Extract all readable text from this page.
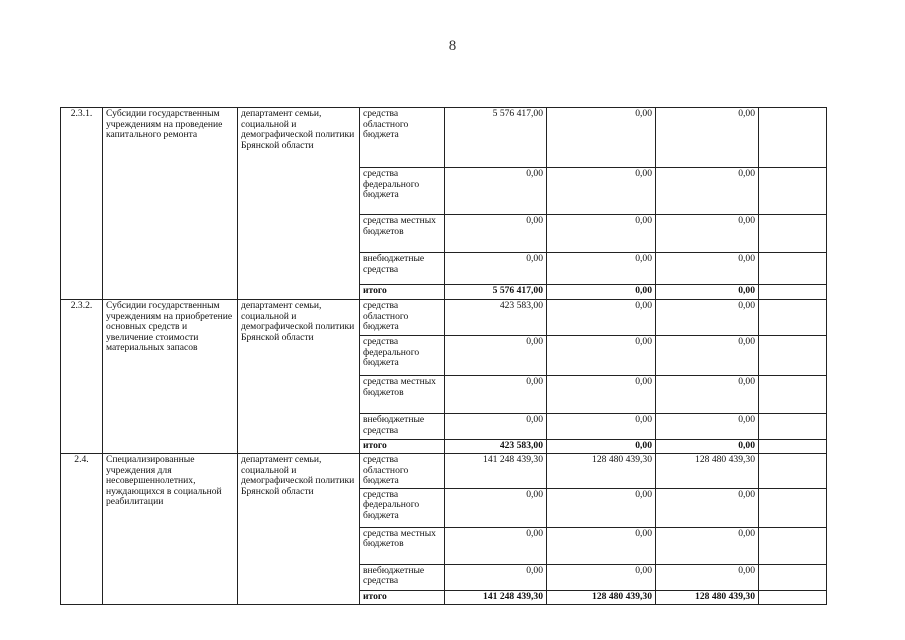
8
2.3.1.	Субсидии государственным учреждениям на проведение капитального ремонта	департамент семьи, социальной и демографической политики Брянской области	средства областного бюджета	5 576 417,00	0,00	0,00	
			средства федерального бюджета	0,00	0,00	0,00	
			средства местных бюджетов	0,00	0,00	0,00	
			внебюджетные средства	0,00	0,00	0,00	
			итого	5 576 417,00	0,00	0,00	
2.3.2.	Субсидии государственным учреждениям на приобретение основных средств и увеличение стоимости материальных запасов	департамент семьи, социальной и демографической политики Брянской области	средства областного бюджета	423 583,00	0,00	0,00	
			средства федерального бюджета	0,00	0,00	0,00	
			средства местных бюджетов	0,00	0,00	0,00	
			внебюджетные средства	0,00	0,00	0,00	
			итого	423 583,00	0,00	0,00	
2.4.	Специализированные учреждения для несовершеннолетних, нуждающихся в социальной реабилитации	департамент семьи, социальной и демографической политики Брянской области	средства областного бюджета	141 248 439,30	128 480 439,30	128 480 439,30	
			средства федерального бюджета	0,00	0,00	0,00	
			средства местных бюджетов	0,00	0,00	0,00	
			внебюджетные средства	0,00	0,00	0,00	
			итого	141 248 439,30	128 480 439,30	128 480 439,30	
